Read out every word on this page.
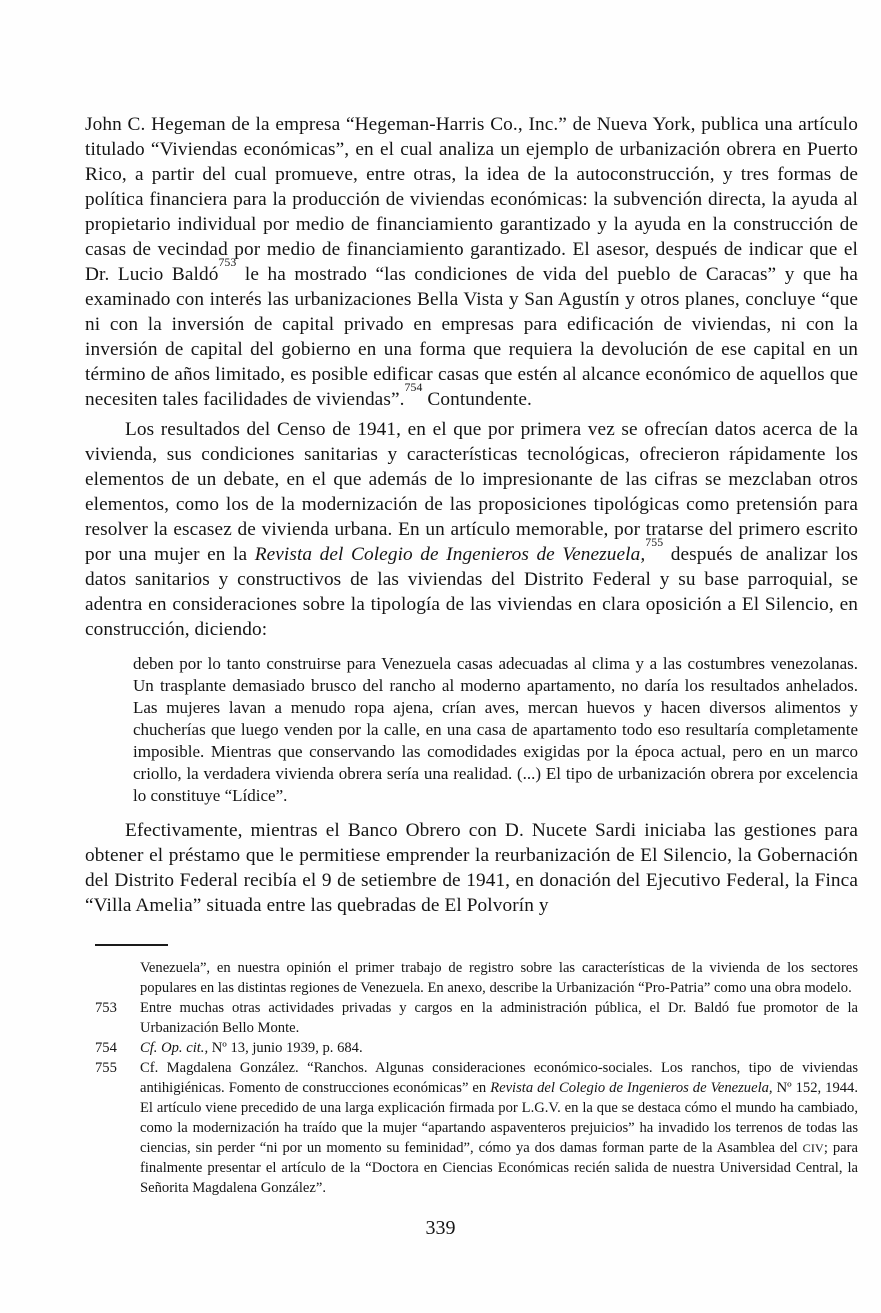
John C. Hegeman de la empresa “Hegeman-Harris Co., Inc.” de Nueva York, publica una artículo titulado “Viviendas económicas”, en el cual analiza un ejemplo de urbanización obrera en Puerto Rico, a partir del cual promueve, entre otras, la idea de la autoconstrucción, y tres formas de política financiera para la producción de viviendas económicas: la subvención directa, la ayuda al propietario individual por medio de financiamiento garantizado y la ayuda en la construcción de casas de vecindad por medio de financiamiento garantizado. El asesor, después de indicar que el Dr. Lucio Baldó$^{753}$ le ha mostrado “las condiciones de vida del pueblo de Caracas” y que ha examinado con interés las urbanizaciones Bella Vista y San Agustín y otros planes, concluye “que ni con la inversión de capital privado en empresas para edificación de viviendas, ni con la inversión de capital del gobierno en una forma que requiera la devolución de ese capital en un término de años limitado, es posible edificar casas que estén al alcance económico de aquellos que necesiten tales facilidades de viviendas”.$^{754}$ Contundente.

Los resultados del Censo de 1941, en el que por primera vez se ofrecían datos acerca de la vivienda, sus condiciones sanitarias y características tecnológicas, ofrecieron rápidamente los elementos de un debate, en el que además de lo impresionante de las cifras se mezclaban otros elementos, como los de la modernización de las proposiciones tipológicas como pretensión para resolver la escasez de vivienda urbana. En un artículo memorable, por tratarse del primero escrito por una mujer en la Revista del Colegio de Ingenieros de Venezuela,$^{755}$ después de analizar los datos sanitarios y constructivos de las viviendas del Distrito Federal y su base parroquial, se adentra en consideraciones sobre la tipología de las viviendas en clara oposición a El Silencio, en construcción, diciendo:

deben por lo tanto construirse para Venezuela casas adecuadas al clima y a las costumbres venezolanas. Un trasplante demasiado brusco del rancho al moderno apartamento, no daría los resultados anhelados. Las mujeres lavan a menudo ropa ajena, crían aves, mercan huevos y hacen diversos alimentos y chucherías que luego venden por la calle, en una casa de apartamento todo eso resultaría completamente imposible. Mientras que conservando las comodidades exigidas por la época actual, pero en un marco criollo, la verdadera vivienda obrera sería una realidad. (...) El tipo de urbanización obrera por excelencia lo constituye “Lídice”.

Efectivamente, mientras el Banco Obrero con D. Nucete Sardi iniciaba las gestiones para obtener el préstamo que le permitiese emprender la reurbanización de El Silencio, la Gobernación del Distrito Federal recibía el 9 de setiembre de 1941, en donación del Ejecutivo Federal, la Finca “Villa Amelia” situada entre las quebradas de El Polvorín y

Venezuela”, en nuestra opinión el primer trabajo de registro sobre las características de la vivienda de los sectores populares en las distintas regiones de Venezuela. En anexo, describe la Urbanización “Pro-Patria” como una obra modelo.
753	Entre muchas otras actividades privadas y cargos en la administración pública, el Dr. Baldó fue promotor de la Urbanización Bello Monte.
754	Cf. Op. cit., Nº 13, junio 1939, p. 684.
755	Cf. Magdalena González. “Ranchos. Algunas consideraciones económico-sociales. Los ranchos, tipo de viviendas antihigiénicas. Fomento de construcciones económicas” en Revista del Colegio de Ingenieros de Venezuela, Nº 152, 1944. El artículo viene precedido de una larga explicación firmada por L.G.V. en la que se destaca cómo el mundo ha cambiado, como la modernización ha traído que la mujer “apartando aspaventeros prejuicios” ha invadido los terrenos de todas las ciencias, sin perder “ni por un momento su feminidad”, cómo ya dos damas forman parte de la Asamblea del CIV; para finalmente presentar el artículo de la “Doctora en Ciencias Económicas recién salida de nuestra Universidad Central, la Señorita Magdalena González”.
339
